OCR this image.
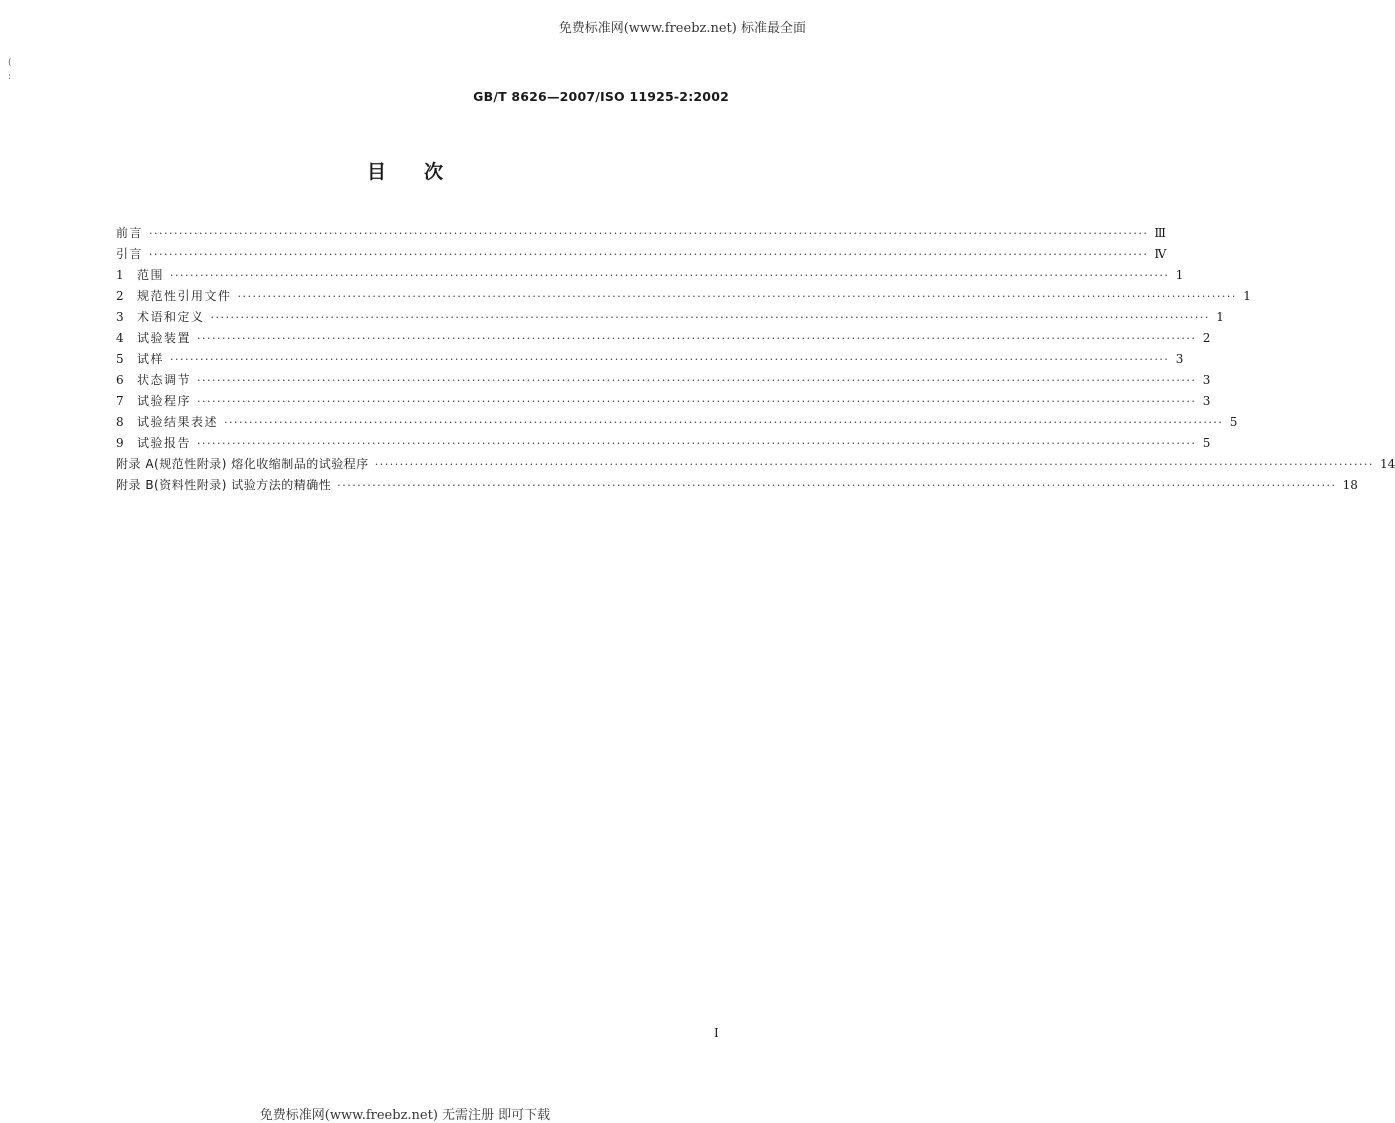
免费标准网(www.freebz.net) 标准最全面
(
:
GB/T 8626—2007/ISO 11925-2:2002
目次
前言 ········································································································································································································ Ⅲ
引言 ········································································································································································································ Ⅳ
1	范围 ········································································································································································································ 1
2	规范性引用文件 ········································································································································································································ 1
3	术语和定义 ········································································································································································································ 1
4	试验装置 ········································································································································································································ 2
5	试样 ········································································································································································································ 3
6	状态调节 ········································································································································································································ 3
7	试验程序 ········································································································································································································ 3
8	试验结果表述 ········································································································································································································ 5
9	试验报告 ········································································································································································································ 5
附录 A(规范性附录) 熔化收缩制品的试验程序 ········································································································································································································ 14
附录 B(资料性附录) 试验方法的精确性 ········································································································································································································ 18
I
免费标准网(www.freebz.net) 无需注册 即可下载
